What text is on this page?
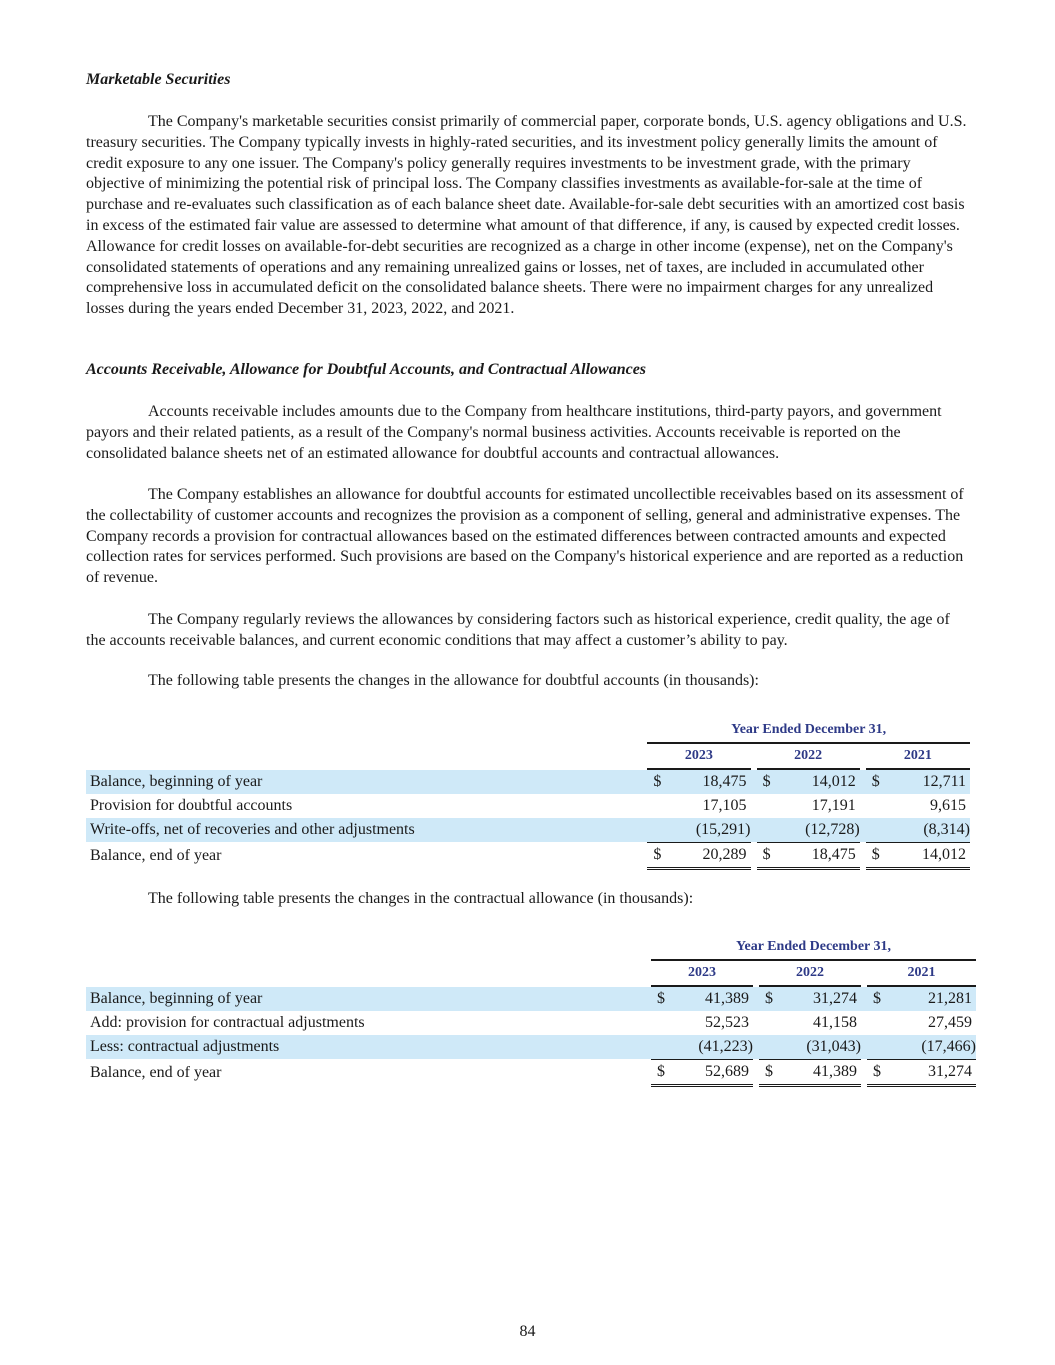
Marketable Securities
The Company's marketable securities consist primarily of commercial paper, corporate bonds, U.S. agency obligations and U.S. treasury securities. The Company typically invests in highly-rated securities, and its investment policy generally limits the amount of credit exposure to any one issuer. The Company's policy generally requires investments to be investment grade, with the primary objective of minimizing the potential risk of principal loss. The Company classifies investments as available-for-sale at the time of purchase and re-evaluates such classification as of each balance sheet date. Available-for-sale debt securities with an amortized cost basis in excess of the estimated fair value are assessed to determine what amount of that difference, if any, is caused by expected credit losses. Allowance for credit losses on available-for-debt securities are recognized as a charge in other income (expense), net on the Company's consolidated statements of operations and any remaining unrealized gains or losses, net of taxes, are included in accumulated other comprehensive loss in accumulated deficit on the consolidated balance sheets. There were no impairment charges for any unrealized losses during the years ended December 31, 2023, 2022, and 2021.
Accounts Receivable, Allowance for Doubtful Accounts, and Contractual Allowances
Accounts receivable includes amounts due to the Company from healthcare institutions, third-party payors, and government payors and their related patients, as a result of the Company's normal business activities. Accounts receivable is reported on the consolidated balance sheets net of an estimated allowance for doubtful accounts and contractual allowances.
The Company establishes an allowance for doubtful accounts for estimated uncollectible receivables based on its assessment of the collectability of customer accounts and recognizes the provision as a component of selling, general and administrative expenses. The Company records a provision for contractual allowances based on the estimated differences between contracted amounts and expected collection rates for services performed. Such provisions are based on the Company's historical experience and are reported as a reduction of revenue.
The Company regularly reviews the allowances by considering factors such as historical experience, credit quality, the age of the accounts receivable balances, and current economic conditions that may affect a customer’s ability to pay.
The following table presents the changes in the allowance for doubtful accounts (in thousands):
	Year Ended December 31,							
	2023			2022			2021	
Balance, beginning of year	$	18,475		$	14,012		$	12,711
Provision for doubtful accounts		17,105			17,191			9,615
Write-offs, net of recoveries and other adjustments		(15,291)			(12,728)			(8,314)
Balance, end of year	$	20,289		$	18,475		$	14,012
The following table presents the changes in the contractual allowance (in thousands):
	Year Ended December 31,							
	2023			2022			2021	
Balance, beginning of year	$	41,389		$	31,274		$	21,281
Add: provision for contractual adjustments		52,523			41,158			27,459
Less: contractual adjustments		(41,223)			(31,043)			(17,466)
Balance, end of year	$	52,689		$	41,389		$	31,274
84
